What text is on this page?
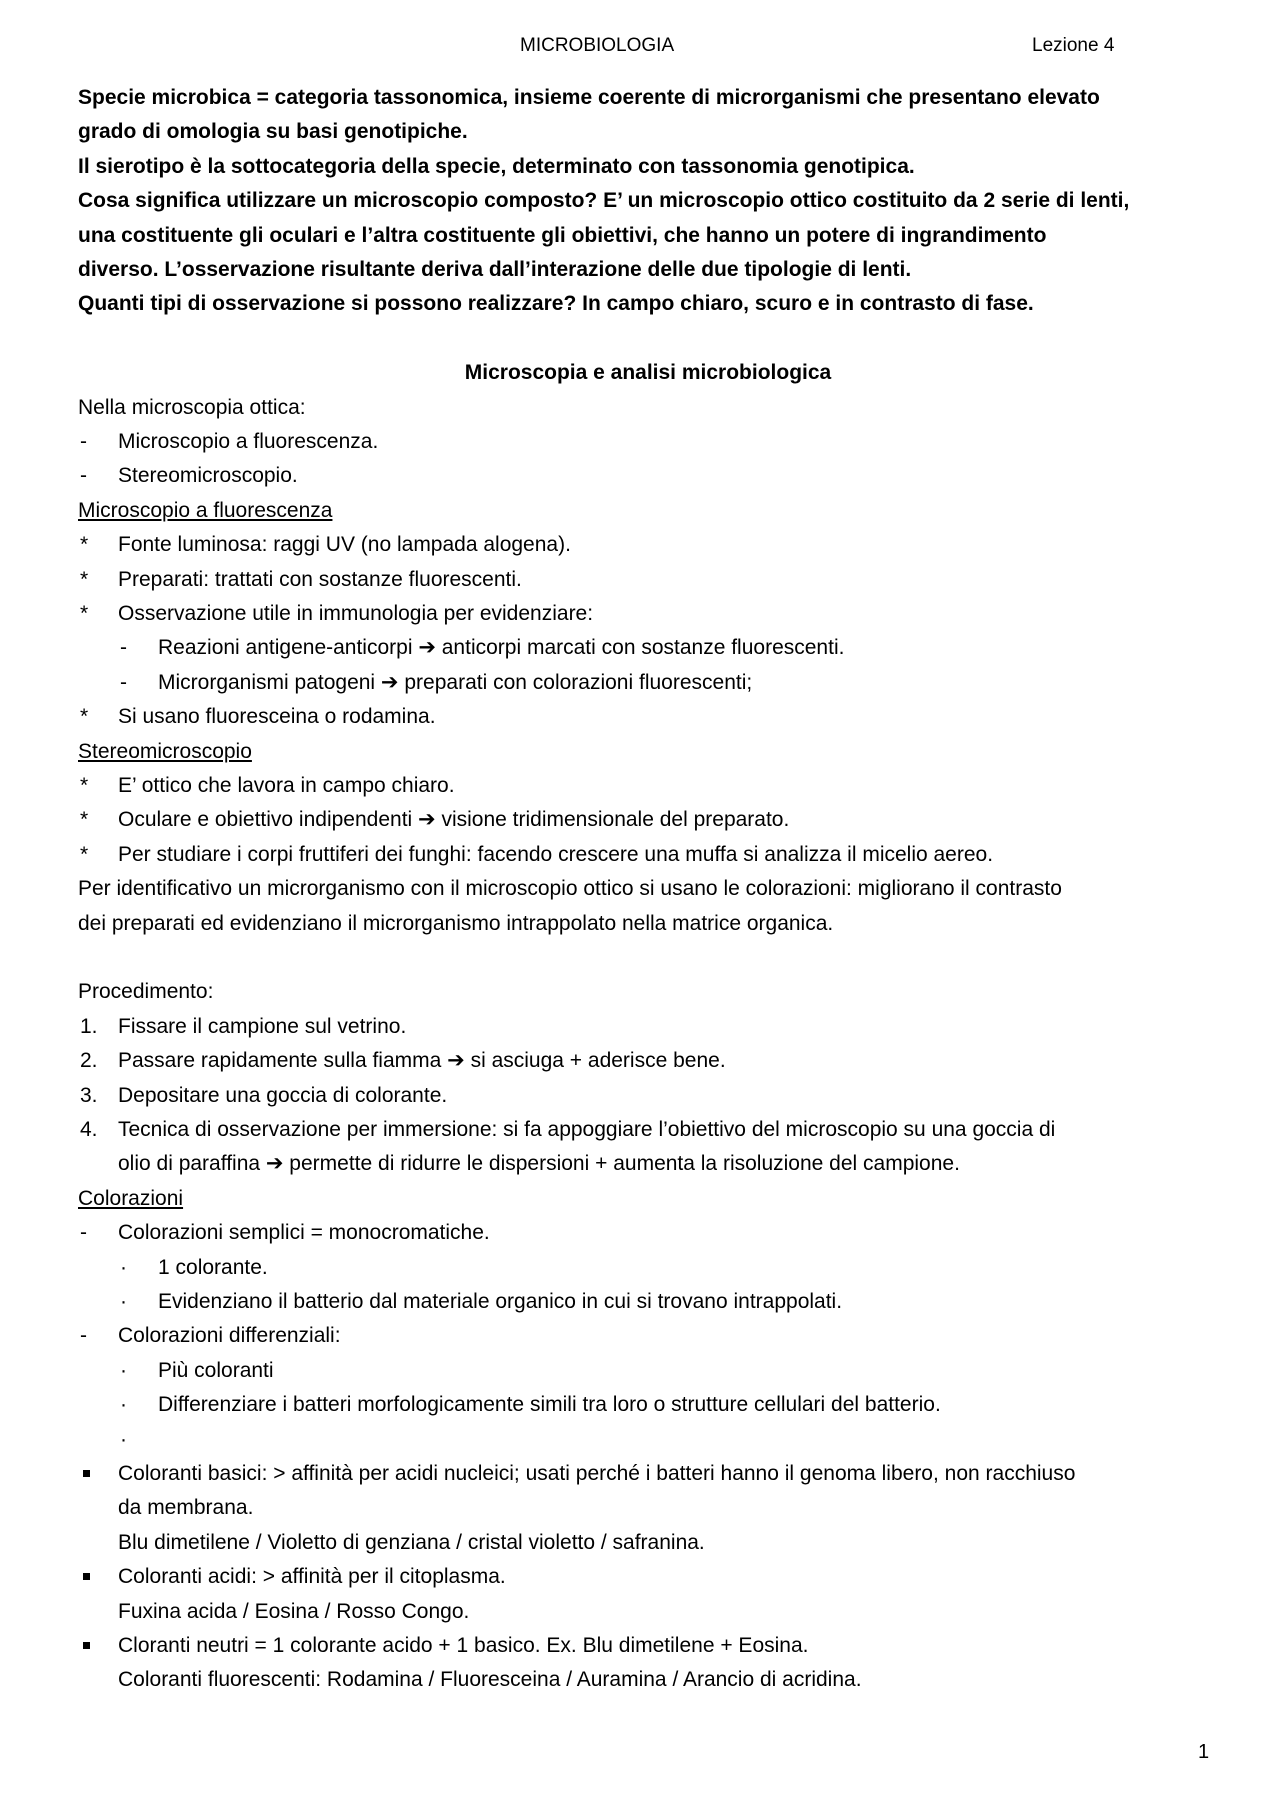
MICROBIOLOGIA	Lezione 4
Specie microbica = categoria tassonomica, insieme coerente di microrganismi che presentano elevato
grado di omologia su basi genotipiche.
Il sierotipo è la sottocategoria della specie, determinato con tassonomia genotipica.
Cosa significa utilizzare un microscopio composto? E’ un microscopio ottico costituito da 2 serie di lenti,
una costituente gli oculari e l’altra costituente gli obiettivi, che hanno un potere di ingrandimento
diverso. L’osservazione risultante deriva dall’interazione delle due tipologie di lenti.
Quanti tipi di osservazione si possono realizzare? In campo chiaro, scuro e in contrasto di fase.
Microscopia e analisi microbiologica
Nella microscopia ottica:
-	Microscopio a fluorescenza.
-	Stereomicroscopio.
Microscopio a fluorescenza
*	Fonte luminosa: raggi UV (no lampada alogena).
*	Preparati: trattati con sostanze fluorescenti.
*	Osservazione utile in immunologia per evidenziare:
-	Reazioni antigene-anticorpi ➔ anticorpi marcati con sostanze fluorescenti.
-	Microrganismi patogeni ➔ preparati con colorazioni fluorescenti;
*	Si usano fluoresceina o rodamina.
Stereomicroscopio
*	E’ ottico che lavora in campo chiaro.
*	Oculare e obiettivo indipendenti ➔ visione tridimensionale del preparato.
*	Per studiare i corpi fruttiferi dei funghi: facendo crescere una muffa si analizza il micelio aereo.
Per identificativo un microrganismo con il microscopio ottico si usano le colorazioni: migliorano il contrasto
dei preparati ed evidenziano il microrganismo intrappolato nella matrice organica.
Procedimento:
1. Fissare il campione sul vetrino.
2. Passare rapidamente sulla fiamma ➔ si asciuga + aderisce bene.
3. Depositare una goccia di colorante.
4. Tecnica di osservazione per immersione: si fa appoggiare l’obiettivo del microscopio su una goccia di
olio di paraffina ➔ permette di ridurre le dispersioni + aumenta la risoluzione del campione.
Colorazioni
-	Colorazioni semplici = monocromatiche.
·	1 colorante.
·	Evidenziano il batterio dal materiale organico in cui si trovano intrappolati.
-	Colorazioni differenziali:
·	Più coloranti
·	Differenziare i batteri morfologicamente simili tra loro o strutture cellulari del batterio.
·
Coloranti basici: > affinità per acidi nucleici; usati perché i batteri hanno il genoma libero, non racchiuso
da membrana.
Blu dimetilene / Violetto di genziana / cristal violetto / safranina.
Coloranti acidi: > affinità per il citoplasma.
Fuxina acida / Eosina / Rosso Congo.
Cloranti neutri = 1 colorante acido + 1 basico. Ex. Blu dimetilene + Eosina.
Coloranti fluorescenti: Rodamina / Fluoresceina / Auramina / Arancio di acridina.
1
